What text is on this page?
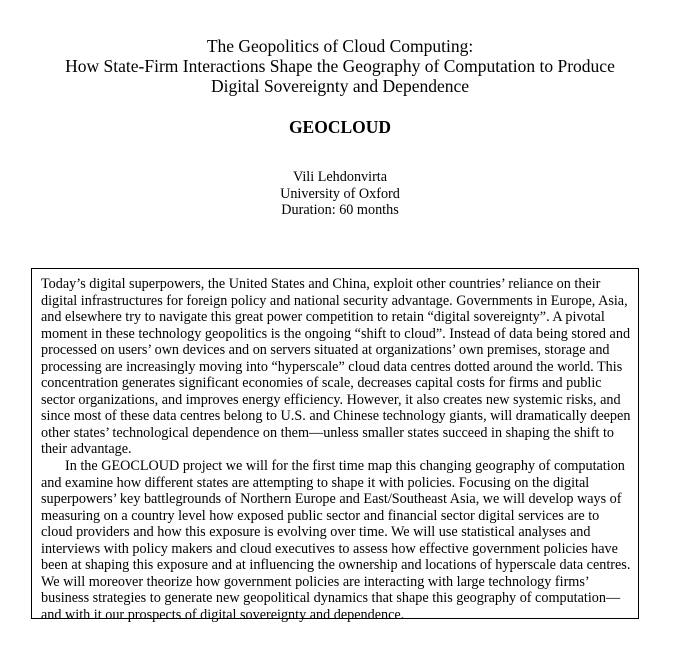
The Geopolitics of Cloud Computing:
How State-Firm Interactions Shape the Geography of Computation to Produce
Digital Sovereignty and Dependence
GEOCLOUD
Vili Lehdonvirta
University of Oxford
Duration: 60 months

Today’s digital superpowers, the United States and China, exploit other countries’ reliance on their digital infrastructures for foreign policy and national security advantage. Governments in Europe, Asia, and elsewhere try to navigate this great power competition to retain “digital sovereignty”. A pivotal moment in these technology geopolitics is the ongoing “shift to cloud”. Instead of data being stored and processed on users’ own devices and on servers situated at organizations’ own premises, storage and processing are increasingly moving into “hyperscale” cloud data centres dotted around the world. This concentration generates significant economies of scale, decreases capital costs for firms and public sector organizations, and improves energy efficiency. However, it also creates new systemic risks, and since most of these data centres belong to U.S. and Chinese technology giants, will dramatically deepen other states’ technological dependence on them—unless smaller states succeed in shaping the shift to their advantage.

In the GEOCLOUD project we will for the first time map this changing geography of computation and examine how different states are attempting to shape it with policies. Focusing on the digital superpowers’ key battlegrounds of Northern Europe and East/Southeast Asia, we will develop ways of measuring on a country level how exposed public sector and financial sector digital services are to cloud providers and how this exposure is evolving over time. We will use statistical analyses and interviews with policy makers and cloud executives to assess how effective government policies have been at shaping this exposure and at influencing the ownership and locations of hyperscale data centres. We will moreover theorize how government policies are interacting with large technology firms’ business strategies to generate new geopolitical dynamics that shape this geography of computation—and with it our prospects of digital sovereignty and dependence.
